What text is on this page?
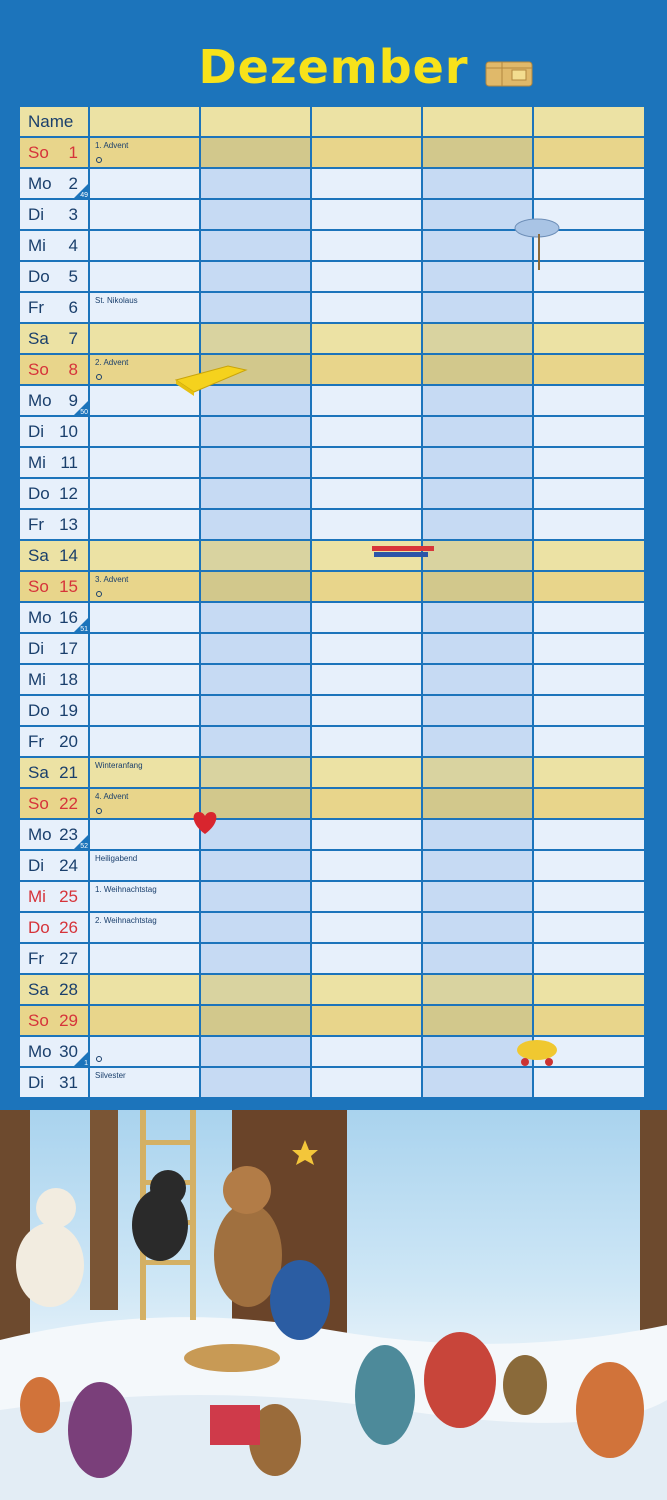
Dezember
Name
So 1 1. Advent
Mo 2
49
Di 3
Mi 4
Do 5
Fr 6 St. Nikolaus
Sa 7
So 8 2. Advent
Mo 9
50
Di 10
Mi 11
Do 12
Fr 13
Sa 14
So 15 3. Advent
Mo 16
51
Di 17
Mi 18
Do 19
Fr 20
Sa 21 Winteranfang
So 22 4. Advent
Mo 23
52
Di 24 Heiligabend
Mi 25 1. Weihnachtstag
Do 26 2. Weihnachtstag
Fr 27
Sa 28
So 29
Mo 30
1
Di 31 Silvester
